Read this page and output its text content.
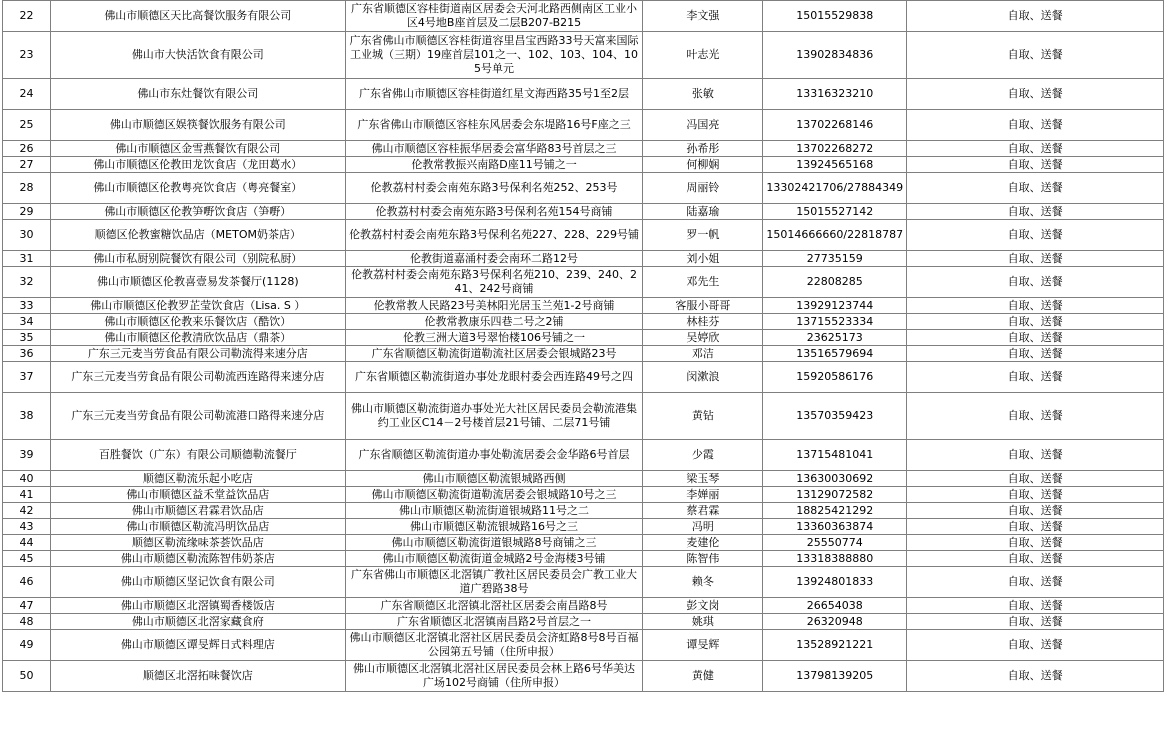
22	佛山市顺德区天比高餐饮服务有限公司	广东省顺德区容桂街道南区居委会天河北路西侧南区工业小区4号地B座首层及二层B207-B215	李文强	15015529838	自取、送餐
23	佛山市大快活饮食有限公司	广东省佛山市顺德区容桂街道容里昌宝西路33号天富来国际工业城（三期）19座首层101之一、102、103、104、105号单元	叶志光	13902834836	自取、送餐
24	佛山市东灶餐饮有限公司	广东省佛山市顺德区容桂街道红星文海西路35号1至2层	张敏	13316323210	自取、送餐
25	佛山市顺德区娱筷餐饮服务有限公司	广东省佛山市顺德区容桂东风居委会东堤路16号F座之三	冯国亮	13702268146	自取、送餐
26	佛山市顺德区金雪燕餐饮有限公司	佛山市顺德区容桂振华居委会富华路83号首层之三	孙希彤	13702268272	自取、送餐
27	佛山市顺德区伦教田龙饮食店（龙田葛水）	伦教常教振兴南路D座11号铺之一	何柳娴	13924565168	自取、送餐
28	佛山市顺德区伦教粤亮饮食店（粤亮餐室）	伦教荔村村委会南苑东路3号保利名苑252、253号	周丽铃	13302421706/27884349	自取、送餐
29	佛山市顺德区伦教笋嘢饮食店（笋嘢）	伦教荔村村委会南苑东路3号保利名苑154号商铺	陆嘉瑜	15015527142	自取、送餐
30	顺德区伦教蜜糖饮品店（METOM奶茶店）	伦教荔村村委会南苑东路3号保利名苑227、228、229号铺	罗一帆	15014666660/22818787	自取、送餐
31	佛山市私厨别院餐饮有限公司（别院私厨）	伦教街道嘉涌村委会南环二路12号	刘小姐	27735159	自取、送餐
32	佛山市顺德区伦教喜壹易发茶餐厅(1128)	伦教荔村村委会南苑东路3号保利名苑210、239、240、241、242号商铺	邓先生	22808285	自取、送餐
33	佛山市顺德区伦教罗芷莹饮食店（Lisa. S ）	伦教常教人民路23号美林阳光居玉兰苑1-2号商铺	客服小哥哥	13929123744	自取、送餐
34	佛山市顺德区伦教来乐餐饮店（酷饮）	伦教常教康乐四巷二号之2铺	林桂芬	13715523334	自取、送餐
35	佛山市顺德区伦教清欣饮品店（鼎茶）	伦教三洲大道3号翠怡楼106号铺之一	吴婷欣	23625173	自取、送餐
36	广东三元麦当劳食品有限公司勒流得来速分店	广东省顺德区勒流街道勒流社区居委会银城路23号	邓洁	13516579694	自取、送餐
37	广东三元麦当劳食品有限公司勒流西连路得来速分店	广东省顺德区勒流街道办事处龙眼村委会西连路49号之四	闵漱浪	15920586176	自取、送餐
38	广东三元麦当劳食品有限公司勒流港口路得来速分店	佛山市顺德区勒流街道办事处光大社区居民委员会勒流港集约工业区C14－2号楼首层21号铺、二层71号铺	黄钻	13570359423	自取、送餐
39	百胜餐饮（广东）有限公司顺德勒流餐厅	广东省顺德区勒流街道办事处勒流居委会金华路6号首层	少霞	13715481041	自取、送餐
40	顺德区勒流乐起小吃店	佛山市顺德区勒流银城路西侧	梁玉琴	13630030692	自取、送餐
41	佛山市顺德区益禾堂益饮品店	佛山市顺德区勒流街道勒流居委会银城路10号之三	李婵丽	13129072582	自取、送餐
42	佛山市顺德区君霖君饮品店	佛山市顺德区勒流街道银城路11号之二	蔡君霖	18825421292	自取、送餐
43	佛山市顺德区勒流冯明饮品店	佛山市顺德区勒流银城路16号之三	冯明	13360363874	自取、送餐
44	顺德区勒流缘味茶荟饮品店	佛山市顺德区勒流街道银城路8号商铺之三	麦建伦	25550774	自取、送餐
45	佛山市顺德区勒流陈智伟奶茶店	佛山市顺德区勒流街道金城路2号金海楼3号铺	陈智伟	13318388880	自取、送餐
46	佛山市顺德区坚记饮食有限公司	广东省佛山市顺德区北滘镇广教社区居民委员会广教工业大道广碧路38号	赖冬	13924801833	自取、送餐
47	佛山市顺德区北滘镇蜀香楼饭店	广东省顺德区北滘镇北滘社区居委会南昌路8号	彭文岗	26654038	自取、送餐
48	佛山市顺德区北滘家藏食府	广东省顺德区北滘镇南昌路2号首层之一	姚琪	26320948	自取、送餐
49	佛山市顺德区谭旻辉日式料理店	佛山市顺德区北滘镇北滘社区居民委员会济虹路8号8号百福公园第五号铺（住所申报）	谭旻辉	13528921221	自取、送餐
50	顺德区北滘拓味餐饮店	佛山市顺德区北滘镇北滘社区居民委员会林上路6号华美达广场102号商铺（住所申报）	黄健	13798139205	自取、送餐
